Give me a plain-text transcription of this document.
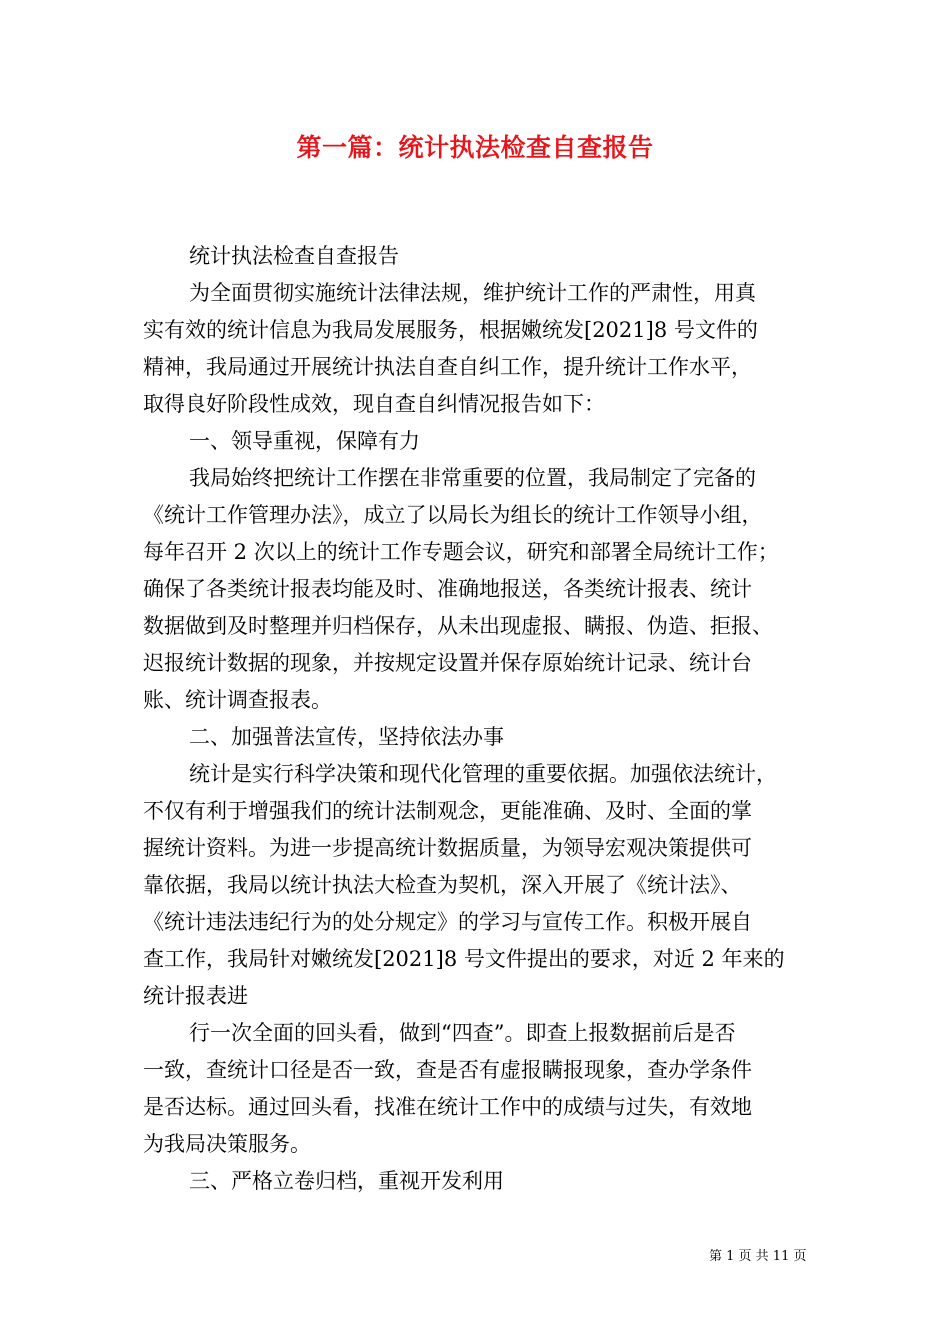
第一篇：统计执法检查自查报告
统计执法检查自查报告
为全面贯彻实施统计法律法规，维护统计工作的严肃性，用真
实有效的统计信息为我局发展服务，根据嫩统发[2021]8 号文件的
精神，我局通过开展统计执法自查自纠工作，提升统计工作水平，
取得良好阶段性成效，现自查自纠情况报告如下：
一、领导重视，保障有力
我局始终把统计工作摆在非常重要的位置，我局制定了完备的
《统计工作管理办法》，成立了以局长为组长的统计工作领导小组，
每年召开 2 次以上的统计工作专题会议，研究和部署全局统计工作；
确保了各类统计报表均能及时、准确地报送，各类统计报表、统计
数据做到及时整理并归档保存，从未出现虚报、瞒报、伪造、拒报、
迟报统计数据的现象，并按规定设置并保存原始统计记录、统计台
账、统计调查报表。
二、加强普法宣传，坚持依法办事
统计是实行科学决策和现代化管理的重要依据。加强依法统计，
不仅有利于增强我们的统计法制观念，更能准确、及时、全面的掌
握统计资料。为进一步提高统计数据质量，为领导宏观决策提供可
靠依据，我局以统计执法大检查为契机，深入开展了《统计法》、
《统计违法违纪行为的处分规定》的学习与宣传工作。积极开展自
查工作，我局针对嫩统发[2021]8 号文件提出的要求，对近 2 年来的
统计报表进
行一次全面的回头看，做到“四查”。即查上报数据前后是否
一致，查统计口径是否一致，查是否有虚报瞒报现象，查办学条件
是否达标。通过回头看，找准在统计工作中的成绩与过失，有效地
为我局决策服务。
三、严格立卷归档，重视开发利用
第 1 页 共 11 页
